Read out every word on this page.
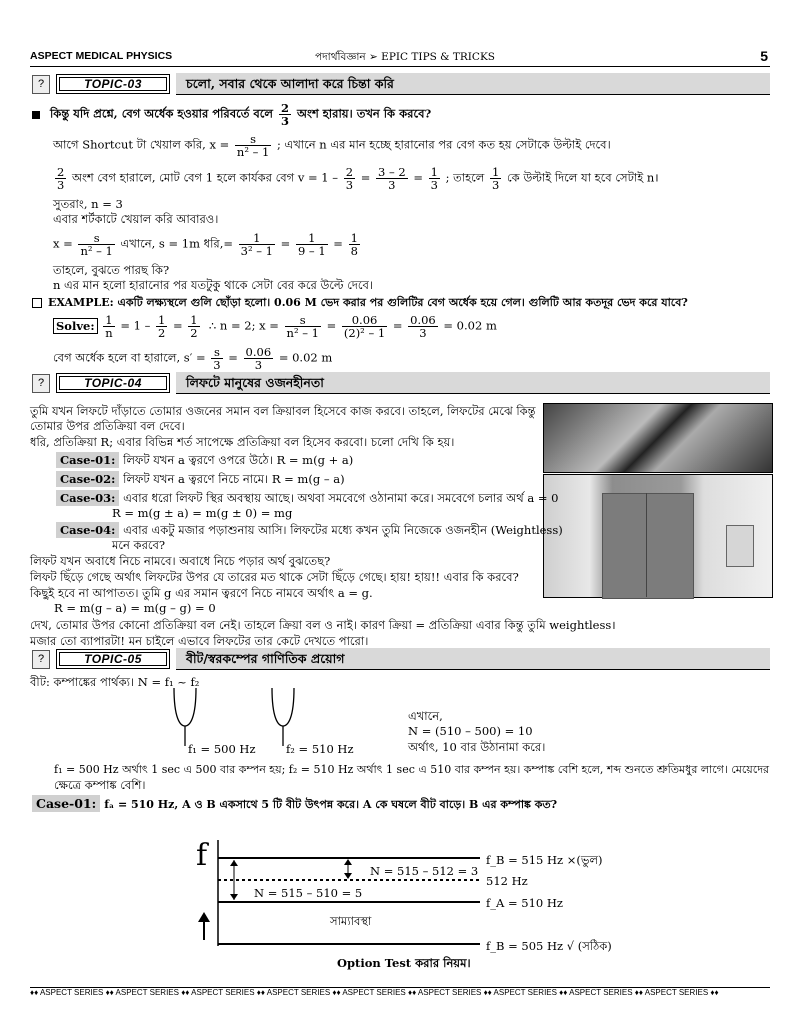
ASPECT MEDICAL PHYSICS	পদার্থবিজ্ঞান ➢ EPIC TIPS & TRICKS	5
?	TOPIC-03	চলো, সবার থেকে আলাদা করে চিন্তা করি
কিন্তু যদি প্রশ্নে, বেগ অর্ধেক হওয়ার পরিবর্তে বলে $\frac{2}{3}$ অংশ হারায়। তখন কি করবে?
আগে Shortcut টা খেয়াল করি, $x = \frac{s}{\text{n² – 1}}$ ; এখানে n এর মান হচ্ছে হারানোর পর বেগ কত হয় সেটাকে উল্টাই দেবে।
$\frac{2}{3}$ অংশ বেগ হারালে, মোট বেগ 1 হলে কার্যকর বেগ $v = 1 - \frac{2}{3} = \frac{3 - 2}{3} = \frac{1}{3}$ ; তাহলে $\frac{1}{3}$ কে উল্টাই দিলে যা হবে সেটাই n।
সুতরাং, n = 3
এবার শর্টকাটে খেয়াল করি আবারও।
$x = \frac{s}{\text{n² – 1}}$ এখানে, s = 1m ধরি,= $\frac{1}{\text{3² – 1}} = \frac{1}{9 - 1} = \frac{1}{8}$
তাহলে, বুঝতে পারছ কি?
n এর মান হলো হারানোর পর যতটুকু থাকে সেটা বের করে উল্টে দেবে।
EXAMPLE: একটি লক্ষ্যস্থলে গুলি ছোঁড়া হলো। 0.06 M ভেদ করার পর গুলিটির বেগ অর্ধেক হয়ে গেল। গুলিটি আর কতদূর ভেদ করে যাবে?
Solve: $\frac{1}{n} = 1 - \frac{1}{2} = \frac{1}{2}$ ∴ n = 2; $x = \frac{s}{\text{n² – 1}} = \frac{0.06}{\text{(2)² – 1}} = \frac{0.06}{3} = 0.02$ m
বেগ অর্ধেক হলে বা হারালে, $s' = \frac{s}{3} = \frac{0.06}{3} = 0.02$ m
?	TOPIC-04	লিফটে মানুষের ওজনহীনতা
তুমি যখন লিফটে দাঁড়াতে তোমার ওজনের সমান বল ক্রিয়াবল হিসেবে কাজ করবে। তাহলে, লিফটের মেঝে কিন্তু
তোমার উপর প্রতিক্রিয়া বল দেবে।
ধরি, প্রতিক্রিয়া R; এবার বিভিন্ন শর্ত সাপেক্ষে প্রতিক্রিয়া বল হিসেব করবো। চলো দেখি কি হয়।
Case-01: লিফট যখন a ত্বরণে ওপরে উঠে। R = m(g + a)
Case-02: লিফট যখন a ত্বরণে নিচে নামে। R = m(g – a)
Case-03: এবার ধরো লিফট স্থির অবস্থায় আছে। অথবা সমবেগে ওঠানামা করে। সমবেগে চলার অর্থ a = 0
R = m(g ± a) = m(g ± 0) = mg
Case-04: এবার একটু মজার পড়াশুনায় আসি। লিফটের মধ্যে কখন তুমি নিজেকে ওজনহীন (Weightless)
মনে করবে?
লিফট যখন অবাধে নিচে নামবে। অবাধে নিচে পড়ার অর্থ বুঝতেছ?
লিফট ছিঁড়ে গেছে অর্থাৎ লিফটের উপর যে তারের মত থাকে সেটা ছিঁড়ে গেছে। হায়! হায়!! এবার কি করবে?
কিছুই হবে না আপাতত। তুমি g এর সমান ত্বরণে নিচে নামবে অর্থাৎ a = g.
R = m(g – a) = m(g – g) = 0
দেখ, তোমার উপর কোনো প্রতিক্রিয়া বল নেই। তাহলে ক্রিয়া বল ও নাই। কারণ ক্রিয়া = প্রতিক্রিয়া এবার কিন্তু তুমি weightless।
মজার তো ব্যাপারটা! মন চাইলে এভাবে লিফটের তার কেটে দেখতে পারো।
?	TOPIC-05	বীট/স্বরকম্পের গাণিতিক প্রয়োগ
বীট: কম্পাঙ্কের পার্থক্য। N = f₁ ~ f₂
f₁ = 500 Hz	f₂ = 510 Hz
এখানে,
N = (510 – 500) = 10
অর্থাৎ, 10 বার উঠানামা করে।
f₁ = 500 Hz অর্থাৎ 1 sec এ 500 বার কম্পন হয়; f₂ = 510 Hz অর্থাৎ 1 sec এ 510 বার কম্পন হয়। কম্পাঙ্ক বেশি হলে, শব্দ শুনতে শ্রুতিমধুর লাগে। মেয়েদের
ক্ষেত্রে কম্পাঙ্ক বেশি।
Case-01: fₐ = 510 Hz, A ও B একসাথে 5 টি বীট উৎপন্ন করে। A কে ঘষলে বীট বাড়ে। B এর কম্পাঙ্ক কত?
f	f_B = 515 Hz ×(ভুল)
N = 515 – 512 = 3
512 Hz
N = 515 – 510 = 5
f_A = 510 Hz
সাম্যাবস্থা
f_B = 505 Hz √ (সঠিক)
Option Test করার নিয়ম।
♦♦ ASPECT SERIES ♦♦ ASPECT SERIES ♦♦ ASPECT SERIES ♦♦ ASPECT SERIES ♦♦ ASPECT SERIES ♦♦ ASPECT SERIES ♦♦ ASPECT SERIES ♦♦ ASPECT SERIES ♦♦ ASPECT SERIES ♦♦
